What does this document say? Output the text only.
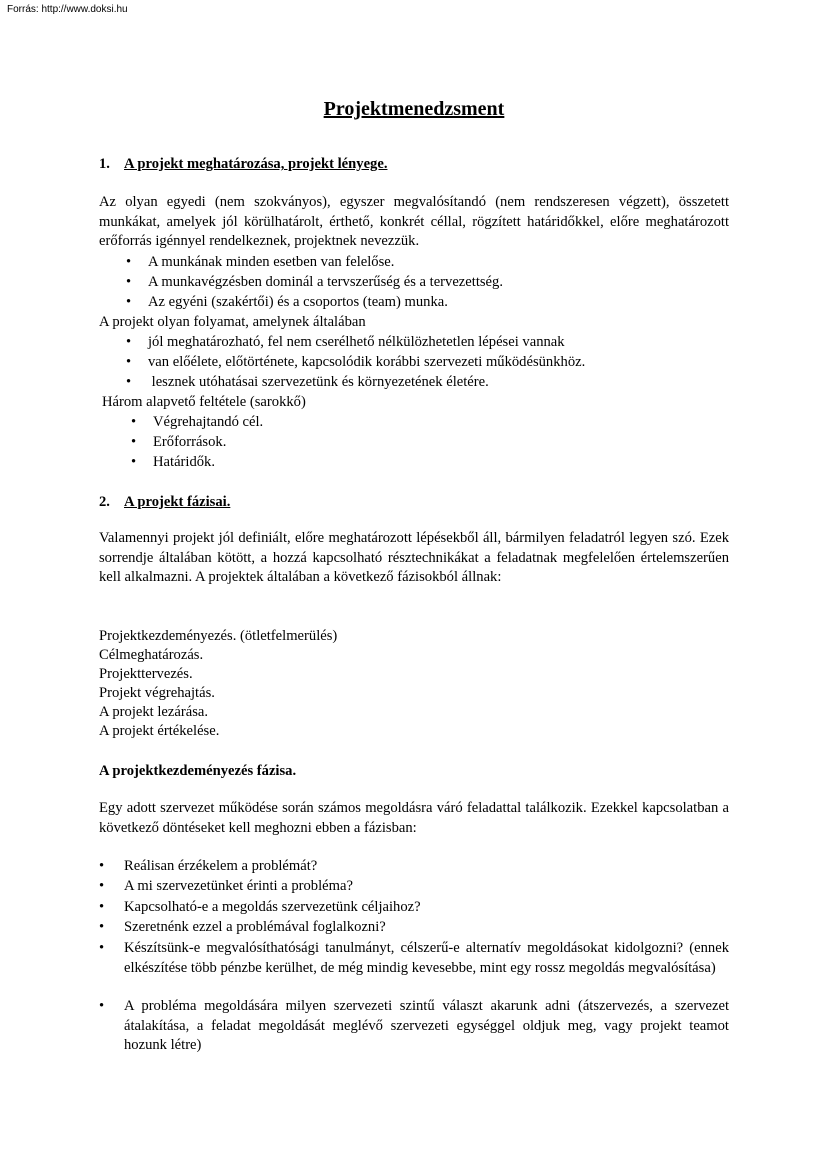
Forrás: http://www.doksi.hu
Projektmenedzsment
1. A projekt meghatározása, projekt lényege.
Az olyan egyedi (nem szokványos), egyszer megvalósítandó (nem rendszeresen végzett), összetett munkákat, amelyek jól körülhatárolt, érthető, konkrét céllal, rögzített határidőkkel, előre meghatározott erőforrás igénnyel rendelkeznek, projektnek nevezzük.
• A munkának minden esetben van felelőse.
• A munkavégzésben dominál a tervszerűség és a tervezettség.
• Az egyéni (szakértői) és a csoportos (team) munka.
A projekt olyan folyamat, amelynek általában
• jól meghatározható, fel nem cserélhető nélkülözhetetlen lépései vannak
• van előélete, előtörténete, kapcsolódik korábbi szervezeti működésünkhöz.
• lesznek utóhatásai szervezetünk és környezetének életére.
Három alapvető feltétele (sarokkő)
• Végrehajtandó cél.
• Erőforrások.
• Határidők.
2. A projekt fázisai.
Valamennyi projekt jól definiált, előre meghatározott lépésekből áll, bármilyen feladatról legyen szó. Ezek sorrendje általában kötött, a hozzá kapcsolható résztechnikákat a feladatnak megfelelően értelemszerűen kell alkalmazni. A projektek általában a következő fázisokból állnak:
Projektkezdeményezés. (ötletfelmerülés)
Célmeghatározás.
Projekttervezés.
Projekt végrehajtás.
A projekt lezárása.
A projekt értékelése.
A projektkezdeményezés fázisa.
Egy adott szervezet működése során számos megoldásra váró feladattal találkozik. Ezekkel kapcsolatban a következő döntéseket kell meghozni ebben a fázisban:
• Reálisan érzékelem a problémát?
• A mi szervezetünket érinti a probléma?
• Kapcsolható-e a megoldás szervezetünk céljaihoz?
• Szeretnénk ezzel a problémával foglalkozni?
• Készítsünk-e megvalósíthatósági tanulmányt, célszerű-e alternatív megoldásokat kidolgozni? (ennek elkészítése több pénzbe kerülhet, de még mindig kevesebbe, mint egy rossz megoldás megvalósítása)
• A probléma megoldására milyen szervezeti szintű választ akarunk adni (átszervezés, a szervezet átalakítása, a feladat megoldását meglévő szervezeti egységgel oldjuk meg, vagy projekt teamot hozunk létre)
